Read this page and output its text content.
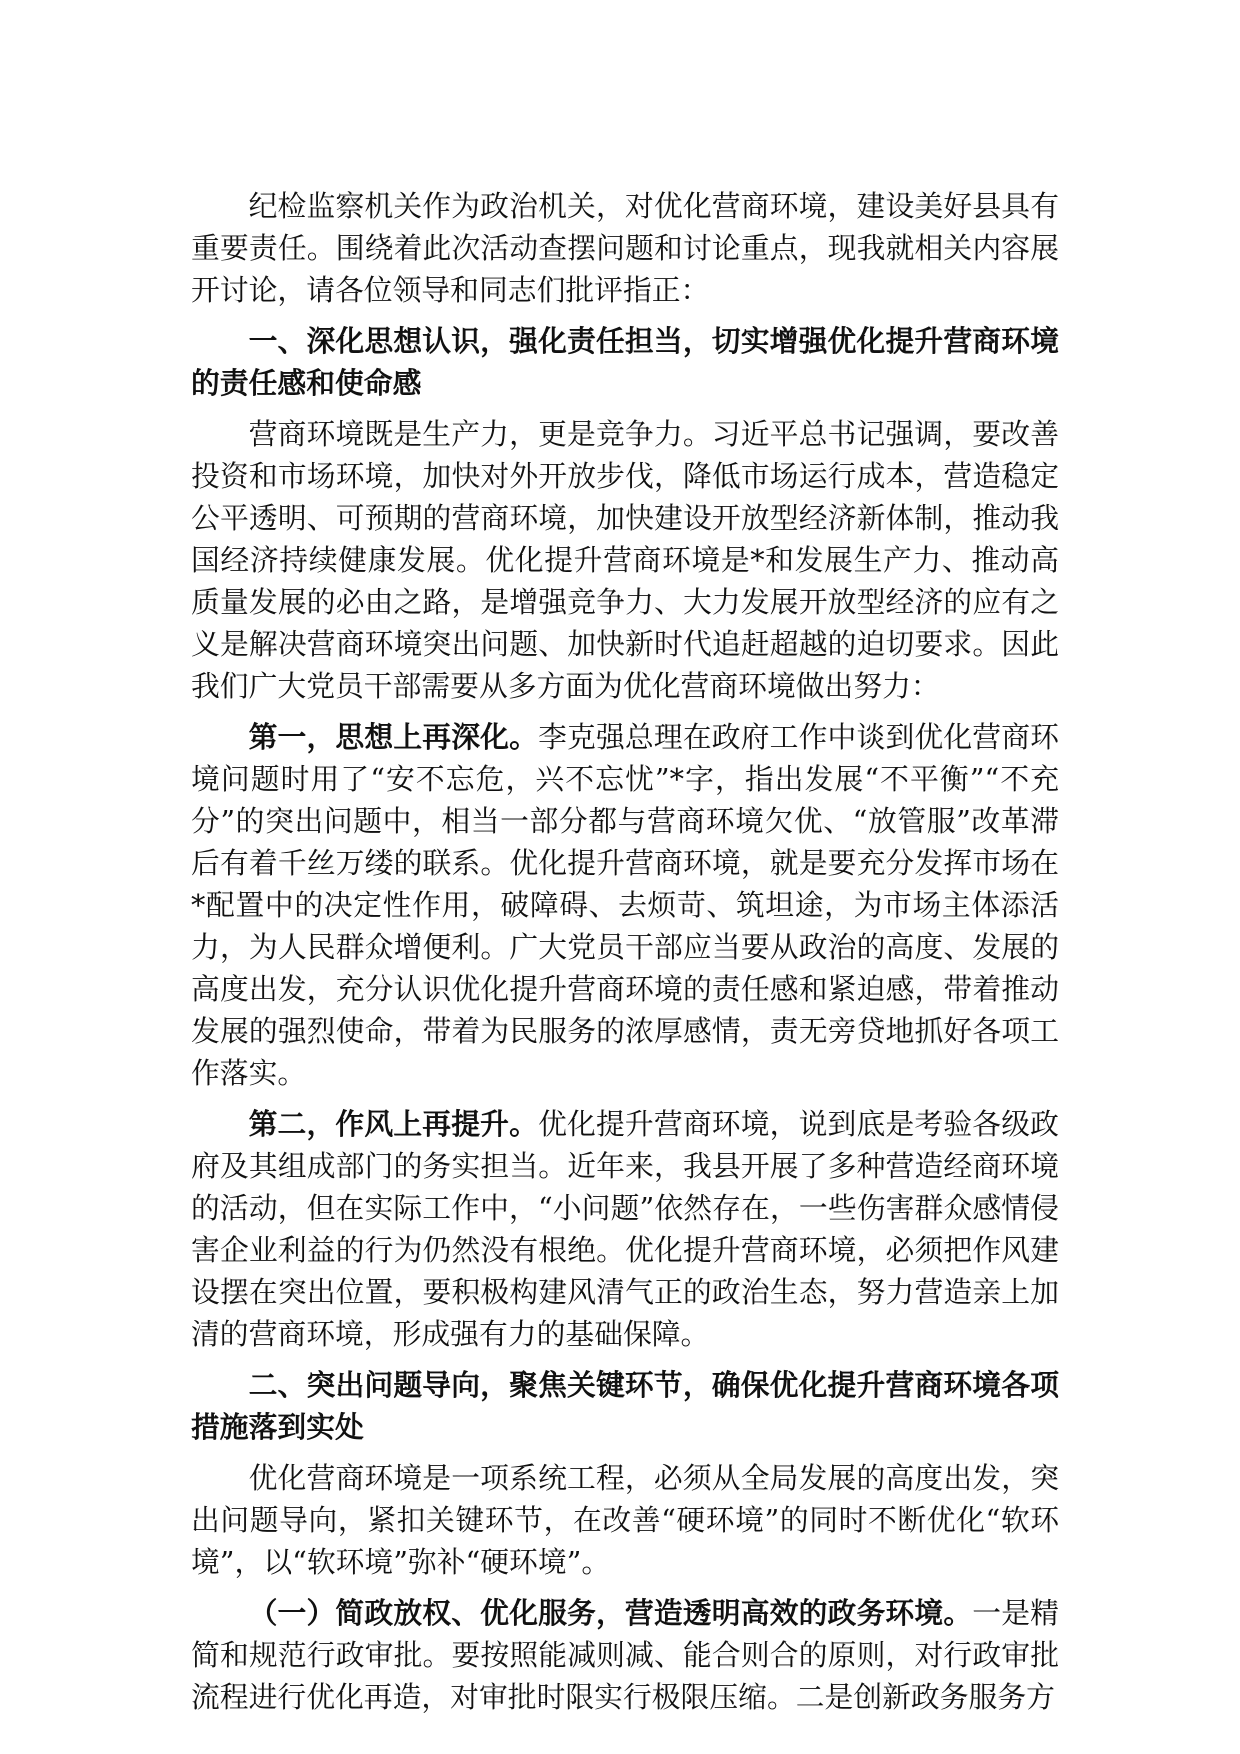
纪检监察机关作为政治机关，对优化营商环境，建设美好县具有重要责任。围绕着此次活动查摆问题和讨论重点，现我就相关内容展开讨论，请各位领导和同志们批评指正：

一、深化思想认识，强化责任担当，切实增强优化提升营商环境的责任感和使命感

营商环境既是生产力，更是竞争力。习近平总书记强调，要改善投资和市场环境，加快对外开放步伐，降低市场运行成本，营造稳定公平透明、可预期的营商环境，加快建设开放型经济新体制，推动我国经济持续健康发展。优化提升营商环境是*和发展生产力、推动高质量发展的必由之路，是增强竞争力、大力发展开放型经济的应有之义是解决营商环境突出问题、加快新时代追赶超越的迫切要求。因此我们广大党员干部需要从多方面为优化营商环境做出努力：

第一，思想上再深化。李克强总理在政府工作中谈到优化营商环境问题时用了“安不忘危，兴不忘忧”*字，指出发展“不平衡”“不充分”的突出问题中，相当一部分都与营商环境欠优、“放管服”改革滞后有着千丝万缕的联系。优化提升营商环境，就是要充分发挥市场在*配置中的决定性作用，破障碍、去烦苛、筑坦途，为市场主体添活力，为人民群众增便利。广大党员干部应当要从政治的高度、发展的高度出发，充分认识优化提升营商环境的责任感和紧迫感，带着推动发展的强烈使命，带着为民服务的浓厚感情，责无旁贷地抓好各项工作落实。

第二，作风上再提升。优化提升营商环境，说到底是考验各级政府及其组成部门的务实担当。近年来，我县开展了多种营造经商环境的活动，但在实际工作中，“小问题”依然存在，一些伤害群众感情侵害企业利益的行为仍然没有根绝。优化提升营商环境，必须把作风建设摆在突出位置，要积极构建风清气正的政治生态，努力营造亲上加清的营商环境，形成强有力的基础保障。

二、突出问题导向，聚焦关键环节，确保优化提升营商环境各项措施落到实处

优化营商环境是一项系统工程，必须从全局发展的高度出发，突出问题导向，紧扣关键环节，在改善“硬环境”的同时不断优化“软环境”，以“软环境”弥补“硬环境”。

（一）简政放权、优化服务，营造透明高效的政务环境。一是精简和规范行政审批。要按照能减则减、能合则合的原则，对行政审批流程进行优化再造，对审批时限实行极限压缩。二是创新政务服务方
